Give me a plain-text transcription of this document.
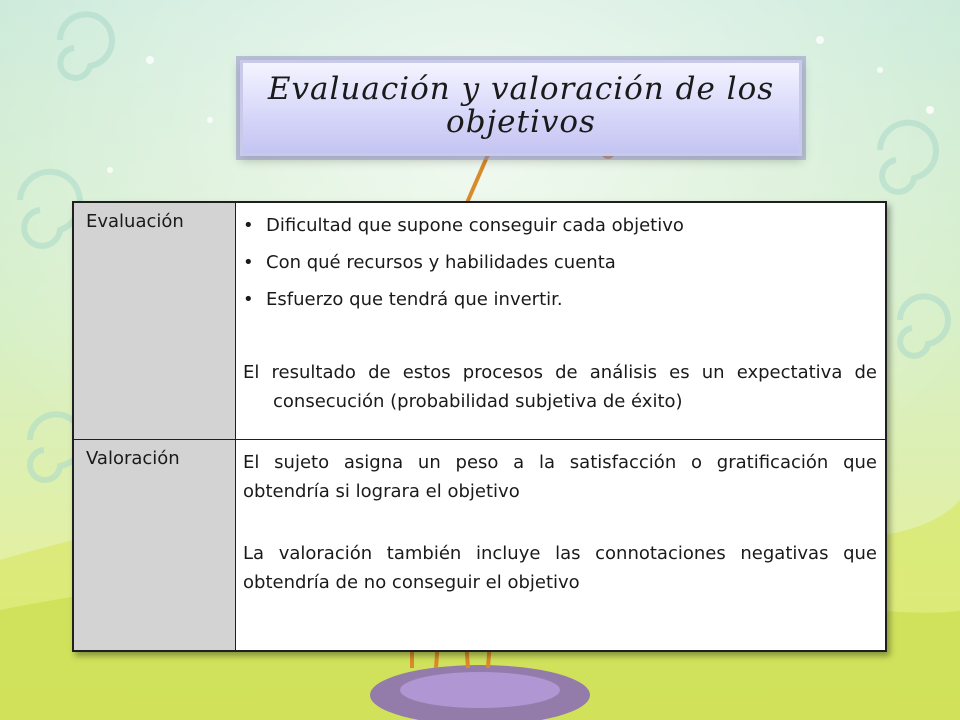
Evaluación y valoración de los objetivos
Evaluación	• Dificultad que supone conseguir cada objetivo
• Con qué recursos y habilidades cuenta
• Esfuerzo que tendrá que invertir.
El resultado de estos procesos de análisis es un expectativa de consecución (probabilidad subjetiva de éxito)
Valoración	El sujeto asigna un peso a la satisfacción o gratificación que obtendría si lograra el objetivo
La valoración también incluye las connotaciones negativas que obtendría de no conseguir el objetivo
